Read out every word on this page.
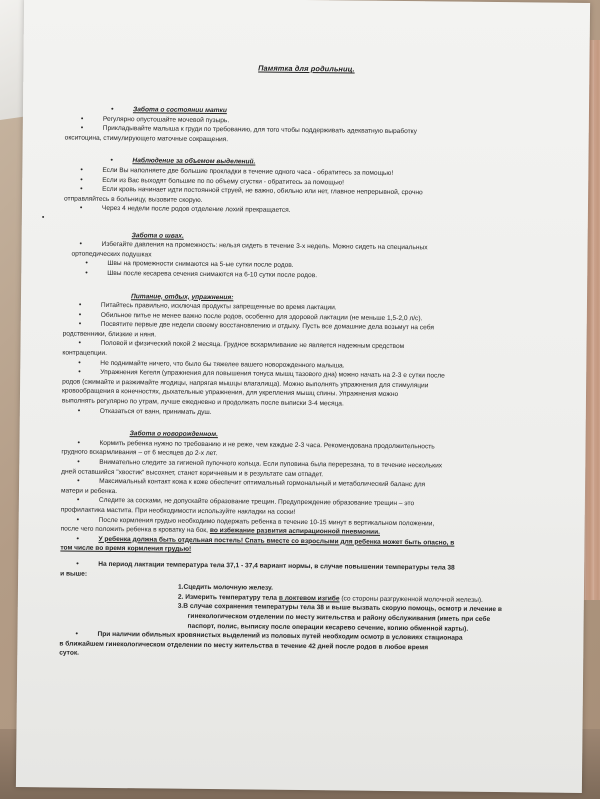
Памятка для родильниц.
• Забота о состоянии матки
• Регулярно опустошайте мочевой пузырь.
• Прикладывайте малыша к груди по требованию, для того чтобы поддерживать адекватную выработку
окситоцина, стимулирующего маточные сокращения.
• Наблюдение за объемом выделений.
• Если Вы наполняете две большие прокладки в течение одного часа - обратитесь за помощью!
• Если из Вас выходят большие по по объему сгустки - обратитесь за помощью!
• Если кровь начинает идти постоянной струей, не важно, обильно или нет, главное непрерывной, срочно
отправляйтесь в больницу, вызовите скорую.
• Через 4 недели после родов отделение лохий прекращается.
•
Забота о швах.
• Избегайте давления на промежность: нельзя сидеть в течение 3-х недель. Можно сидеть на специальных
ортопедических подушках
• Швы на промежности снимаются на 5-ые сутки после родов.
• Швы после кесарева сечения снимаются на 6-10 сутки после родов.
Питание, отдых, упражнения:
• Питайтесь правильно, исключая продукты запрещенные во время лактации.
• Обильное питье не менее важно после родов, особенно для здоровой лактации (не меньше 1,5-2,0 л/с).
• Посвятите первые две недели своему восстановлению и отдыху. Пусть все домашние дела возьмут на себя
родственники, близкие и няня.
• Половой и физический покой 2 месяца. Грудное вскармливание не является надежным средством
контрацепции.
• Не поднимайте ничего, что было бы тяжелее вашего новорожденного малыша.
• Упражнения Кегеля (упражнения для повышения тонуса мышц тазового дна) можно начать на 2-3 е сутки после
родов (сжимайте и разжимайте ягодицы, напрягая мышцы влагалища). Можно выполнять упражнения для стимуляции
кровообращения в конечностях, дыхательные упражнения, для укрепления мышц спины. Упражнения можно
выполнять регулярно по утрам, лучше ежедневно и продолжать после выписки 3-4 месяца.
• Отказаться от ванн, принимать душ.
Забота о новорожденном.
• Кормить ребенка нужно по требованию и не реже, чем каждые 2-3 часа. Рекомендована продолжительность
грудного вскармливания – от 6 месяцев до 2-х лет.
• Внимательно следите за гигиеной пупочного кольца. Если пуповина была перерезана, то в течение нескольких
дней оставшийся "хвостик" высохнет, станет коричневым и в результате сам отпадет.
• Максимальный контакт кожа к коже обеспечит оптимальный гормональный и метаболический баланс для
матери и ребенка.
• Следите за сосками, не допускайте образование трещин. Предупреждение образование трещин – это
профилактика мастита. При необходимости используйте накладки на соски!
• После кормления грудью необходимо подержать ребенка в течение 10-15 минут в вертикальном положении,
после чего положить ребенка в кроватку на бок, во избежание развития аспирационной пневмонии.
• У ребенка должна быть отдельная постель! Спать вместе со взрослыми для ребенка может быть опасно, в
том числе во время кормления грудью!
• На период лактации температура тела 37,1 - 37,4 вариант нормы, в случае повышении температуры тела 38
и выше:
1.Сцедить молочную железу.
2. Измерить температуру тела в локтевом изгибе (со стороны разгруженной молочной железы).
3.В случае сохранения температуры тела 38 и выше вызвать скорую помощь, осмотр и лечение в
гинекологическом отделении по месту жительства и району обслуживания (иметь при себе
паспорт, полис, выписку после операции кесарево сечение, копию обменной карты).
• При наличии обильных кровянистых выделений из половых путей необходим осмотр в условиях стационара
в ближайшем гинекологическом отделении по месту жительства в течение 42 дней после родов в любое время
суток.
